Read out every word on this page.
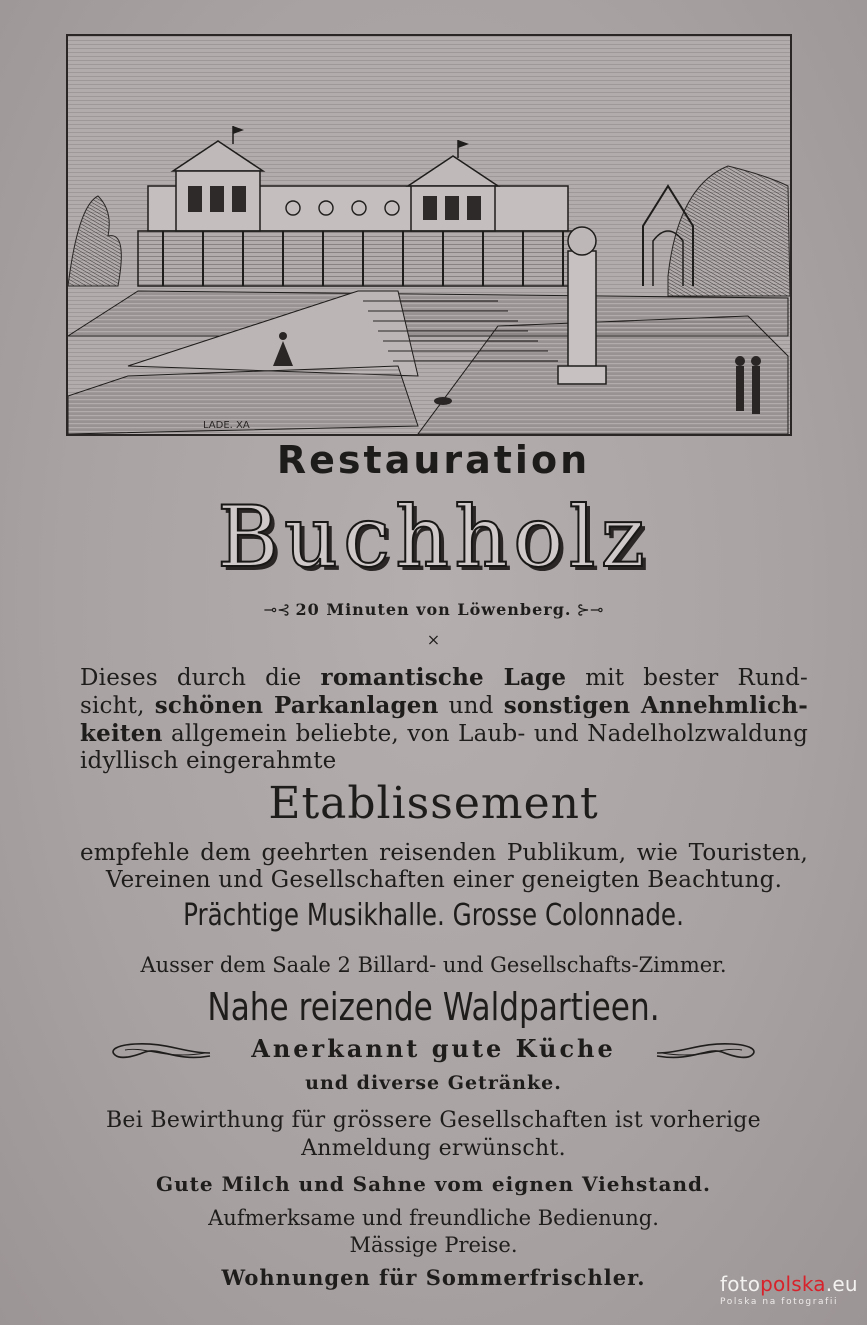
LADE. XA
Restauration
Buchholz
⊸⊰ 20 Minuten von Löwenberg. ⊱⊸
⨯
Dieses durch die romantische Lage mit bester Rund-
sicht, schönen Parkanlagen und sonstigen Annehmlich-
keiten allgemein beliebte, von Laub- und Nadelholzwaldung
idyllisch eingerahmte
Etablissement
empfehle dem geehrten reisenden Publikum, wie Touristen,
Vereinen und Gesellschaften einer geneigten Beachtung.
Prächtige Musikhalle. Grosse Colonnade.
Ausser dem Saale 2 Billard- und Gesellschafts-Zimmer.
Nahe reizende Waldpartieen.
Anerkannt gute Küche
und diverse Getränke.
Bei Bewirthung für grössere Gesellschaften ist vorherige
Anmeldung erwünscht.
Gute Milch und Sahne vom eignen Viehstand.
Aufmerksame und freundliche Bedienung.
Mässige Preise.
Wohnungen für Sommerfrischler.	fotopolska.eu
Polska na fotografii
